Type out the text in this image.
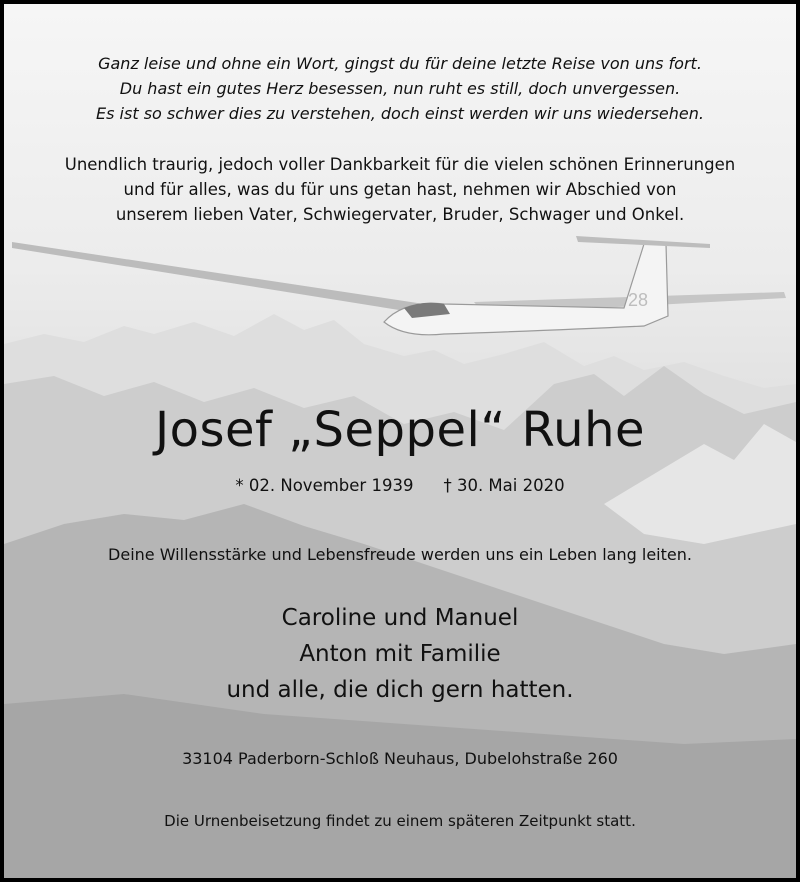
28
Ganz leise und ohne ein Wort, gingst du für deine letzte Reise von uns fort.
Du hast ein gutes Herz besessen, nun ruht es still, doch unvergessen.
Es ist so schwer dies zu verstehen, doch einst werden wir uns wiedersehen.
Unendlich traurig, jedoch voller Dankbarkeit für die vielen schönen Erinnerungen
und für alles, was du für uns getan hast, nehmen wir Abschied von
unserem lieben Vater, Schwiegervater, Bruder, Schwager und Onkel.
Josef „Seppel“ Ruhe
* 02. November 1939 † 30. Mai 2020
Deine Willensstärke und Lebensfreude werden uns ein Leben lang leiten.
Caroline und Manuel
Anton mit Familie
und alle, die dich gern hatten.
33104 Paderborn-Schloß Neuhaus, Dubelohstraße 260
Die Urnenbeisetzung findet zu einem späteren Zeitpunkt statt.
